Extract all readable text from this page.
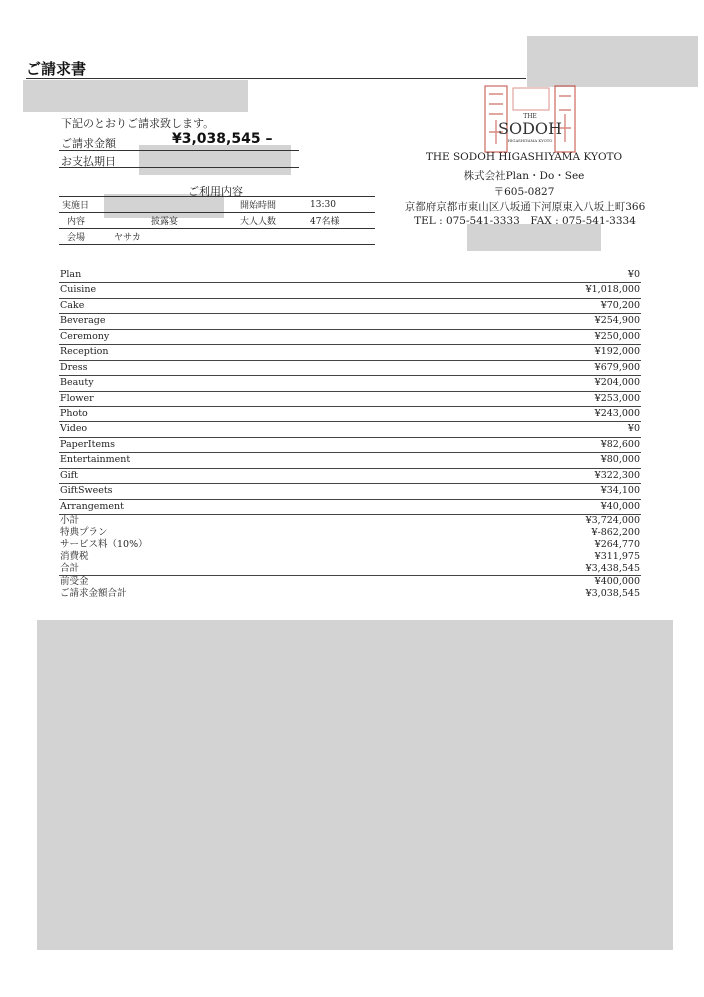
ご請求書
下記のとおりご請求致します。
ご請求金額	¥3,038,545 –
お支払期日
ご利用内容
実施日		開始時間	13:30
内容	披露宴	大人人数	47名様
会場	ヤサカ		
THE
SODOH
HIGASHIYAMA KYOTO
THE SODOH HIGASHIYAMA KYOTO
株式会社Plan・Do・See
〒605-0827
京都府京都市東山区八坂通下河原東入八坂上町366
TEL : 075-541-3333　FAX : 075-541-3334
Plan	¥0
Cuisine	¥1,018,000
Cake	¥70,200
Beverage	¥254,900
Ceremony	¥250,000
Reception	¥192,000
Dress	¥679,900
Beauty	¥204,000
Flower	¥253,000
Photo	¥243,000
Video	¥0
PaperItems	¥82,600
Entertainment	¥80,000
Gift	¥322,300
GiftSweets	¥34,100
Arrangement	¥40,000
小計	¥3,724,000
特典プラン	¥-862,200
サービス料（10%）	¥264,770
消費税	¥311,975
合計	¥3,438,545
前受金	¥400,000
ご請求金額合計	¥3,038,545
